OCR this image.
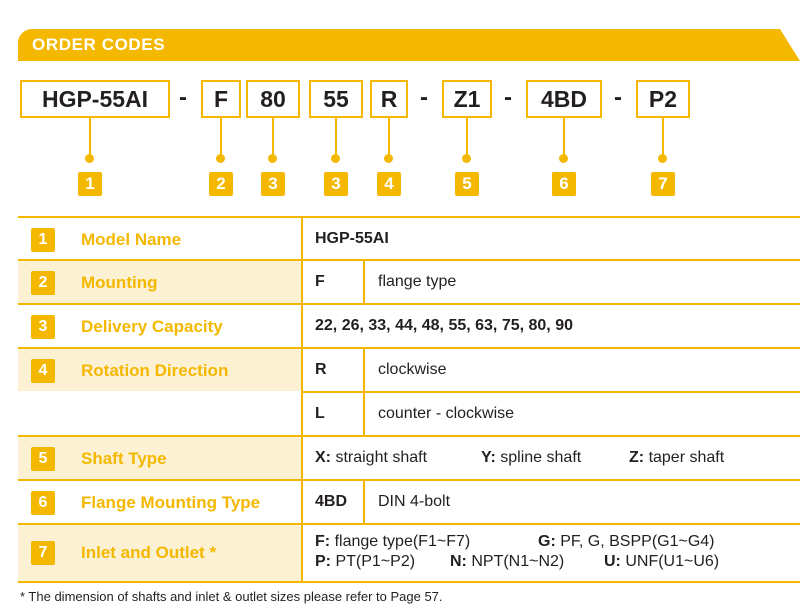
ORDER CODES
HGP-55AI	-	F	80	55	R -	Z1 -	4BD	-	P2
1	2	3	3	4	5	6	7
1	Model Name	HGP-55AI
2	Mounting	F	flange type
3	Delivery Capacity	22, 26, 33, 44, 48, 55, 63, 75, 80, 90
4	Rotation Direction	R	clockwise
L	counter - clockwise
5	Shaft Type	X: straight shaft	Y: spline shaft	Z: taper shaft
6	Flange Mounting Type	4BD DIN 4-bolt
7	Inlet and Outlet *
F: flange type(F1~F7)	G: PF, G, BSPP(G1~G4)
P: PT(P1~P2) N: NPT(N1~N2) U: UNF(U1~U6)
* The dimension of shafts and inlet & outlet sizes please refer to Page 57.
